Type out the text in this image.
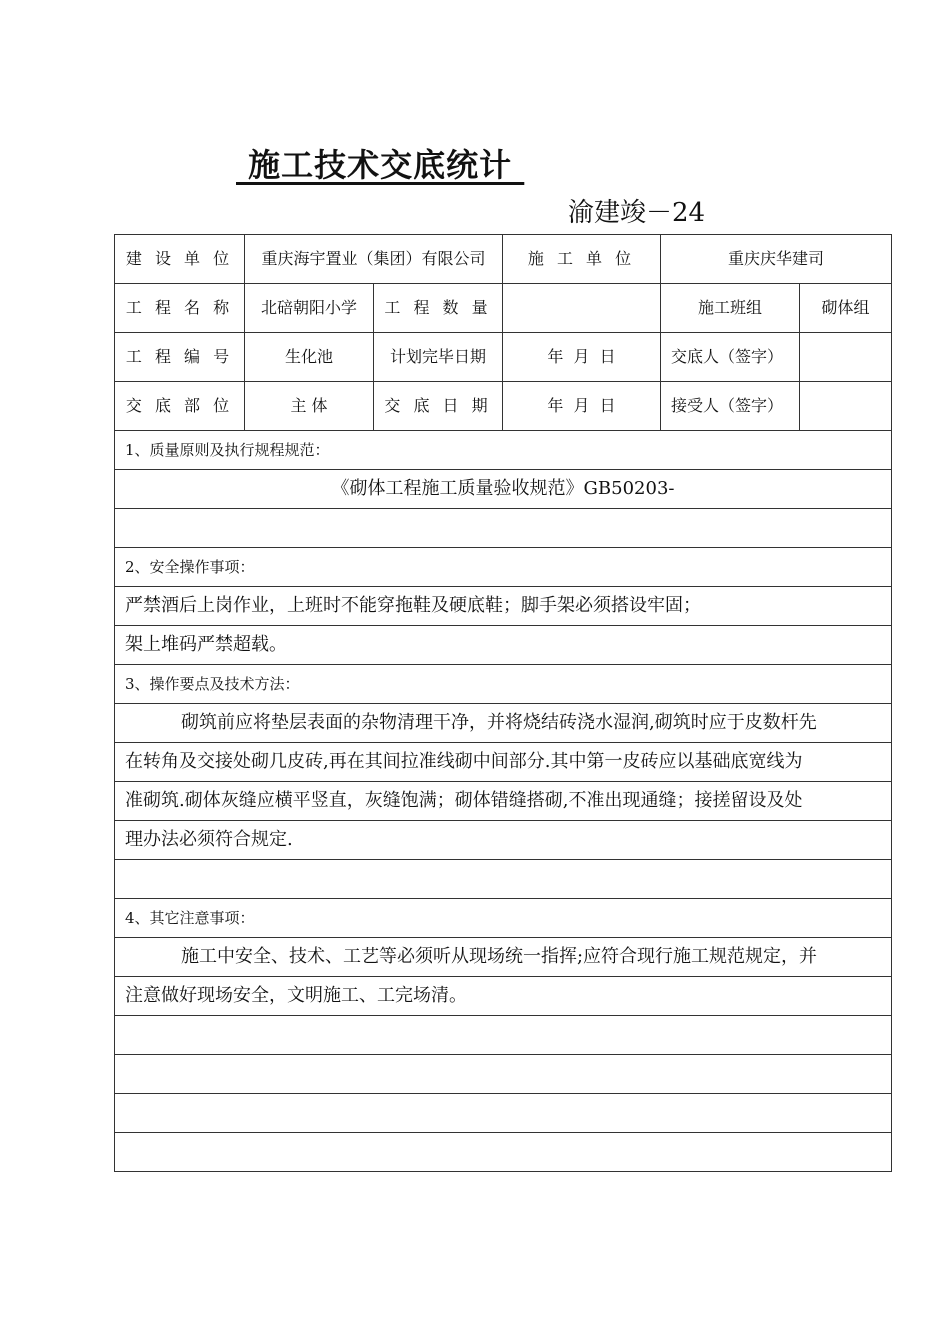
施工技术交底统计
渝建竣－24
建 设 单 位	重庆海宇置业（集团）有限公司		施 工 单 位	重庆庆华建司	
工 程 名 称	北碚朝阳小学	工 程 数 量		施工班组	砌体组
工 程 编 号	生化池	计划完毕日期	年  月  日	交底人（签字）	
交 底 部 位	主 体	交 底 日 期	年  月  日	接受人（签字）	
1、质量原则及执行规程规范：					
《砌体工程施工质量验收规范》GB50203-					

2、安全操作事项：					
严禁酒后上岗作业，上班时不能穿拖鞋及硬底鞋；脚手架必须搭设牢固；					
架上堆码严禁超载。					
3、操作要点及技术方法：					
砌筑前应将垫层表面的杂物清理干净，并将烧结砖浇水湿润,砌筑时应于皮数杆先					
在转角及交接处砌几皮砖,再在其间拉准线砌中间部分.其中第一皮砖应以基础底宽线为					
准砌筑.砌体灰缝应横平竖直，灰缝饱满；砌体错缝搭砌,不准出现通缝；接搓留设及处					
理办法必须符合规定.					

4、其它注意事项：					
施工中安全、技术、工艺等必须听从现场统一指挥;应符合现行施工规范规定，并					
注意做好现场安全，文明施工、工完场清。					
